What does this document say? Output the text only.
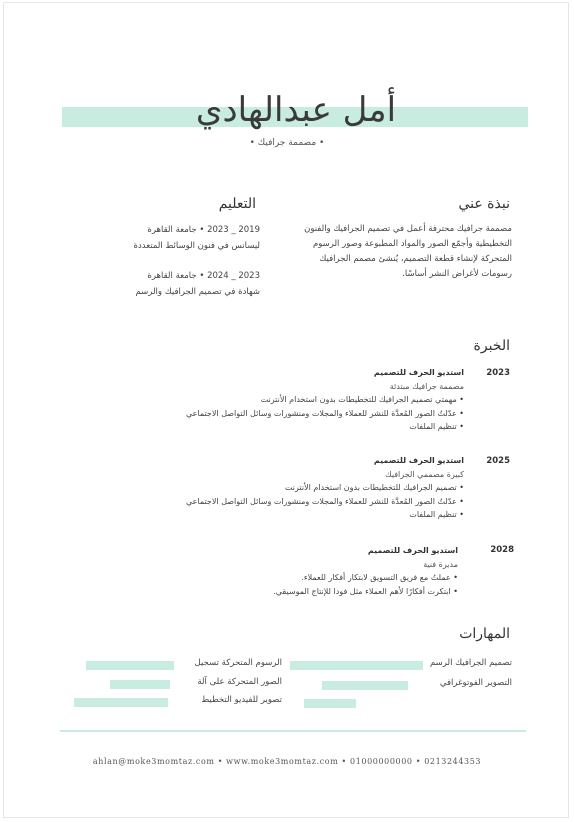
أمل عبدالهادي
• مصممة جرافيك •
نبذة عني
مصممة جرافيك محترفة أعمل في تصميم الجرافيك والفنون التخطيطية وأجمّع الصور والمواد المطبوعة وصور الرسوم المتحركة لإنشاء قطعة التصميم، يُنشئ مصمم الجرافيك رسومات لأغراض النشر أساسًا.
التعليم
2019 _ 2023 • جامعة القاهرة
ليسانس في فنون الوسائط المتعددة
2023 _ 2024 • جامعة القاهرة
شهادة في تصميم الجرافيك والرسم
الخبرة
2023
استديو الحرف للتصميم
مصممة جرافيك مبتدئة
• مهمتي تصميم الجرافيك للتخطيطات بدون استخدام الأنترنت
• عدّلتُ الصور المُعدَّة للنشر للعملاء والمجلات ومنشورات وسائل التواصل الاجتماعي
• تنظيم الملفات
2025
استديو الحرف للتصميم
كبيرة مصممي الجرافيك
• تصميم الجرافيك للتخطيطات بدون استخدام الأنترنت
• عدّلتُ الصور المُعدَّة للنشر للعملاء والمجلات ومنشورات وسائل التواصل الاجتماعي
• تنظيم الملفات
2028
استديو الحرف للتصميم
مديرة فنية
• عملتُ مع فريق التسويق لابتكار أفكار للعملاء.
• ابتكرت أفكارًا لأهم العملاء مثل فودا للإنتاج الموسيقي.
المهارات
تصميم الجرافيك الرسم
التصوير الفوتوغرافي
الرسوم المتحركة تسجيل
الصور المتحركة على آلة
تصوير للفيديو التخطيط
ahlan@moke3momtaz.com • www.moke3momtaz.com • 01000000000 • 0213244353
